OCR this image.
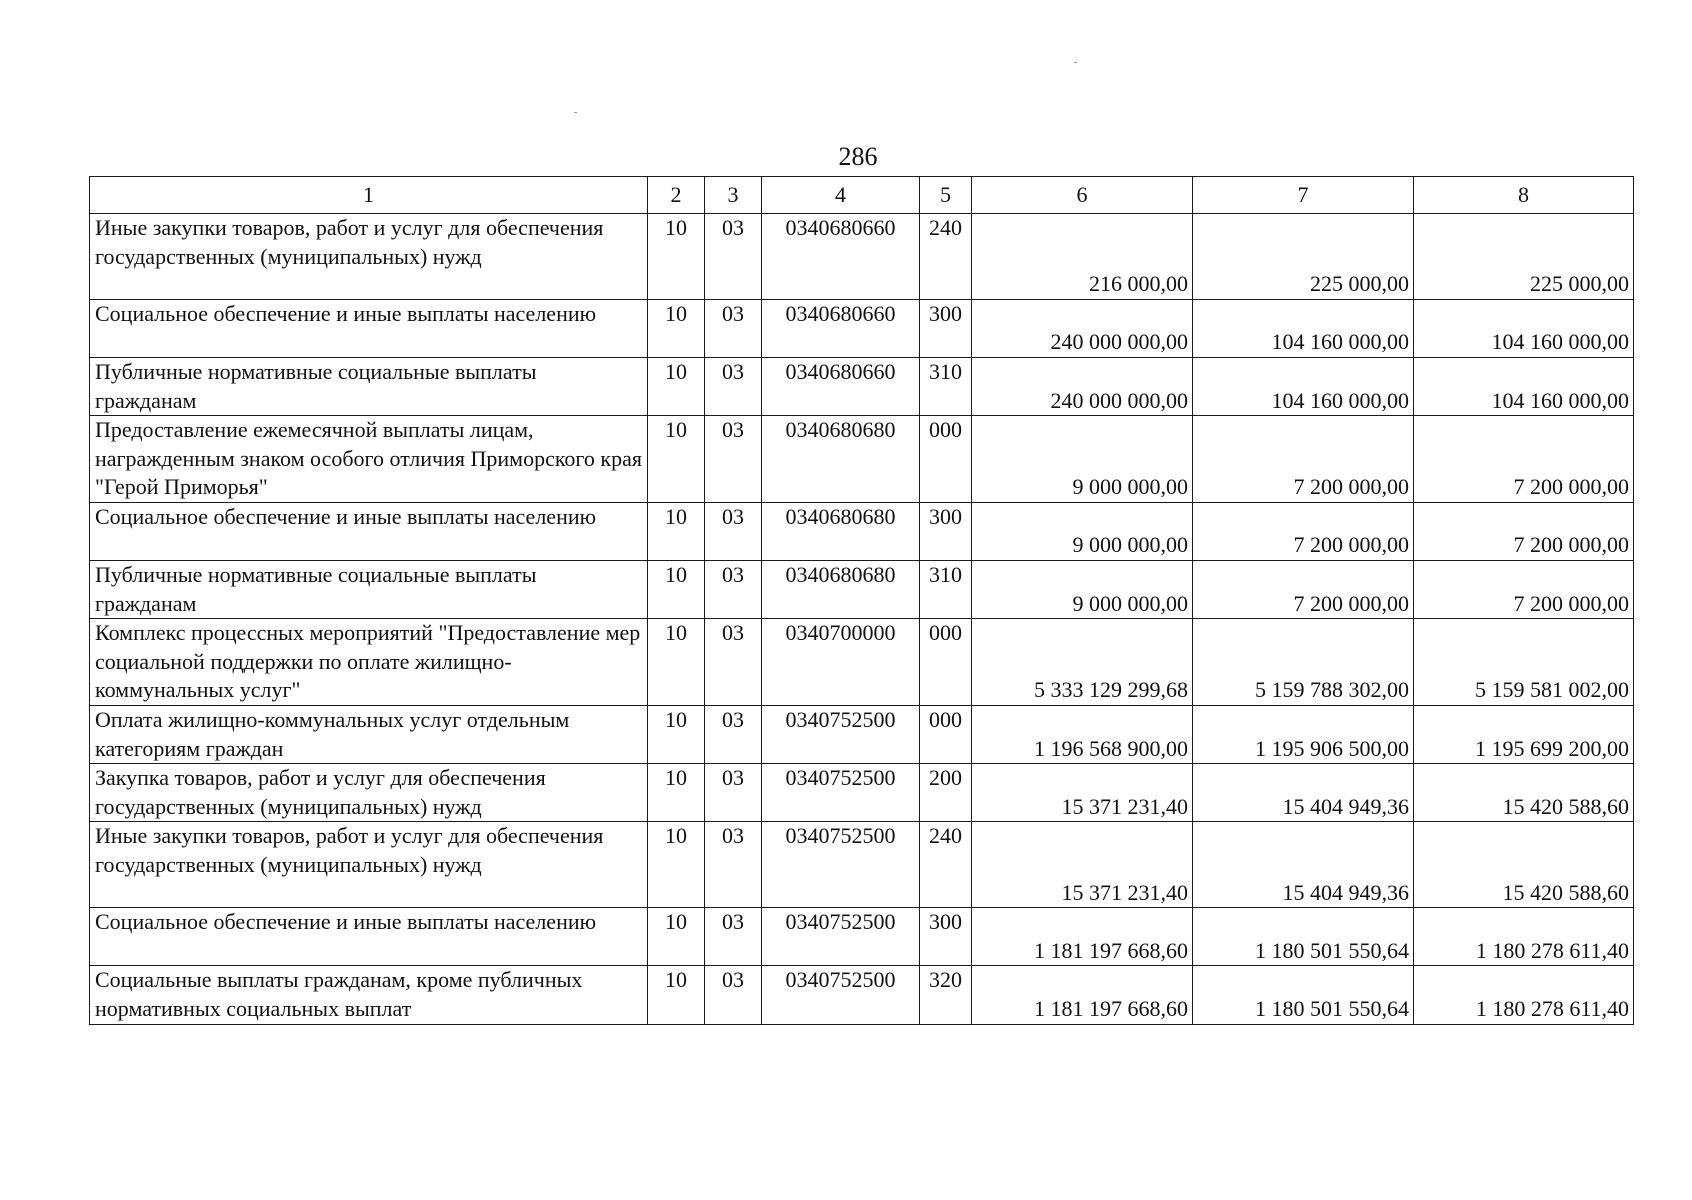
286
1	2	3	4	5	6	7	8
Иные закупки товаров, работ и услуг для обеспечения государственных (муниципальных) нужд	10	03	0340680660	240	216 000,00	225 000,00	225 000,00
Социальное обеспечение и иные выплаты населению	10	03	0340680660	300	240 000 000,00	104 160 000,00	104 160 000,00
Публичные нормативные социальные выплаты гражданам	10	03	0340680660	310	240 000 000,00	104 160 000,00	104 160 000,00
Предоставление ежемесячной выплаты лицам, награжденным знаком особого отличия Приморского края "Герой Приморья"	10	03	0340680680	000	9 000 000,00	7 200 000,00	7 200 000,00
Социальное обеспечение и иные выплаты населению	10	03	0340680680	300	9 000 000,00	7 200 000,00	7 200 000,00
Публичные нормативные социальные выплаты гражданам	10	03	0340680680	310	9 000 000,00	7 200 000,00	7 200 000,00
Комплекс процессных мероприятий "Предоставление мер социальной поддержки по оплате жилищно-коммунальных услуг"	10	03	0340700000	000	5 333 129 299,68	5 159 788 302,00	5 159 581 002,00
Оплата жилищно-коммунальных услуг отдельным категориям граждан	10	03	0340752500	000	1 196 568 900,00	1 195 906 500,00	1 195 699 200,00
Закупка товаров, работ и услуг для обеспечения государственных (муниципальных) нужд	10	03	0340752500	200	15 371 231,40	15 404 949,36	15 420 588,60
Иные закупки товаров, работ и услуг для обеспечения государственных (муниципальных) нужд	10	03	0340752500	240	15 371 231,40	15 404 949,36	15 420 588,60
Социальное обеспечение и иные выплаты населению	10	03	0340752500	300	1 181 197 668,60	1 180 501 550,64	1 180 278 611,40
Социальные выплаты гражданам, кроме публичных нормативных социальных выплат	10	03	0340752500	320	1 181 197 668,60	1 180 501 550,64	1 180 278 611,40
